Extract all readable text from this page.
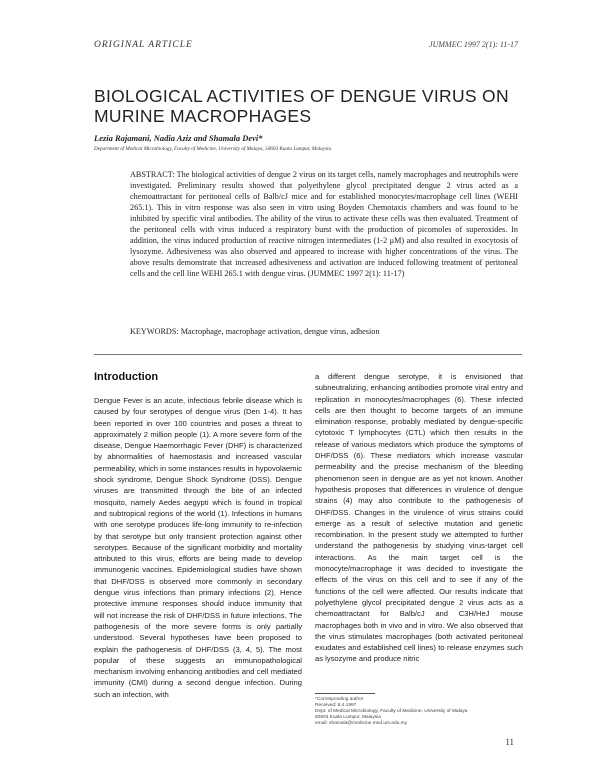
ORIGINAL ARTICLE	JUMMEC 1997 2(1): 11-17
BIOLOGICAL ACTIVITIES OF DENGUE VIRUS ON MURINE MACROPHAGES
Lezia Rajamani, Nadia Aziz and Shamala Devi*
Department of Medical Microbiology, Faculty of Medicine, University of Malaya, 50603 Kuala Lumpur, Malaysia

ABSTRACT: The biological activities of dengue 2 virus on its target cells, namely macrophages and neutrophils were investigated. Preliminary results showed that polyethylene glycol precipitated dengue 2 virus acted as a chemoattractant for peritoneal cells of Balb/cJ mice and for established monocytes/macrophage cell lines (WEHI 265.1). This in vitro response was also seen in vitro using Boyden Chemotaxis chambers and was found to be inhibited by specific viral antibodies. The ability of the virus to activate these cells was then evaluated. Treatment of the peritoneal cells with virus induced a respiratory burst with the production of picomoles of superoxides. In addition, the virus induced production of reactive nitrogen intermediates (1-2 μM) and also resulted in exocytosis of lysozyme. Adhesiveness was also observed and appeared to increase with higher concentrations of the virus. The above results demonstrate that increased adhesiveness and activation are induced following treatment of peritoneal cells and the cell line WEHI 265.1 with dengue virus. (JUMMEC 1997 2(1): 11-17)

KEYWORDS: Macrophage, macrophage activation, dengue virus, adhesion

Introduction

Dengue Fever is an acute, infectious febrile disease which is caused by four serotypes of dengue virus (Den 1-4). It has been reported in over 100 countries and poses a threat to approximately 2 million people (1). A more severe form of the disease, Dengue Haemorrhagic Fever (DHF) is characterized by abnormalities of haemostasis and increased vascular permeability, which in some instances results in hypovolaemic shock syndrome, Dengue Shock Syndrome (DSS). Dengue viruses are transmitted through the bite of an infected mosquito, namely Aedes aegypti which is found in tropical and subtropical regions of the world (1). Infections in humans with one serotype produces life-long immunity to re-infection by that serotype but only transient protection against other serotypes. Because of the significant morbidity and mortality attributed to this virus, efforts are being made to develop immunogenic vaccines. Epidemiological studies have shown that DHF/DSS is observed more commonly in secondary dengue virus infections than primary infections (2). Hence protective immune responses should induce immunity that will not increase the risk of DHF/DSS in future infections. The pathogenesis of the more severe forms is only partially understood. Several hypotheses have been proposed to explain the pathogenesis of DHF/DSS (3, 4, 5). The most popular of these suggests an immunopathological mechanism involving enhancing antibodies and cell mediated immunity (CMI) during a second dengue infection. During such an infection, with

a different dengue serotype, it is envisioned that subneutralizing, enhancing antibodies promote viral entry and replication in monocytes/macrophages (6). These infected cells are then thought to become targets of an immune elimination response, probably mediated by dengue-specific cytotoxic T lymphocytes (CTL) which then results in the release of various mediators which produce the symptoms of DHF/DSS (6). These mediators which increase vascular permeability and the precise mechanism of the bleeding phenomenon seen in dengue are as yet not known. Another hypothesis proposes that differences in virulence of dengue strains (4) may also contribute to the pathogenesis of DHF/DSS. Changes in the virulence of virus strains could emerge as a result of selective mutation and genetic recombination. In the present study we attempted to further understand the pathogenesis by studying virus-target cell interactions. As the main target cell is the monocyte/macrophage it was decided to investigate the effects of the virus on this cell and to see if any of the functions of the cell were affected. Our results indicate that polyethylene glycol precipitated dengue 2 virus acts as a chemoattractant for Balb/cJ and C3H/HeJ mouse macrophages both in vivo and in vitro. We also observed that the virus stimulates macrophages (both activated peritoneal exudates and established cell lines) to release enzymes such as lysozyme and produce nitric

*Corresponding author
Received: 8.4.1997
Dept. of Medical Microbiology, Faculty of Medicine, University of Malaya
50603 Kuala Lumpur, Malaysia
email: shamala@medicine.med.um.edu.my
11
